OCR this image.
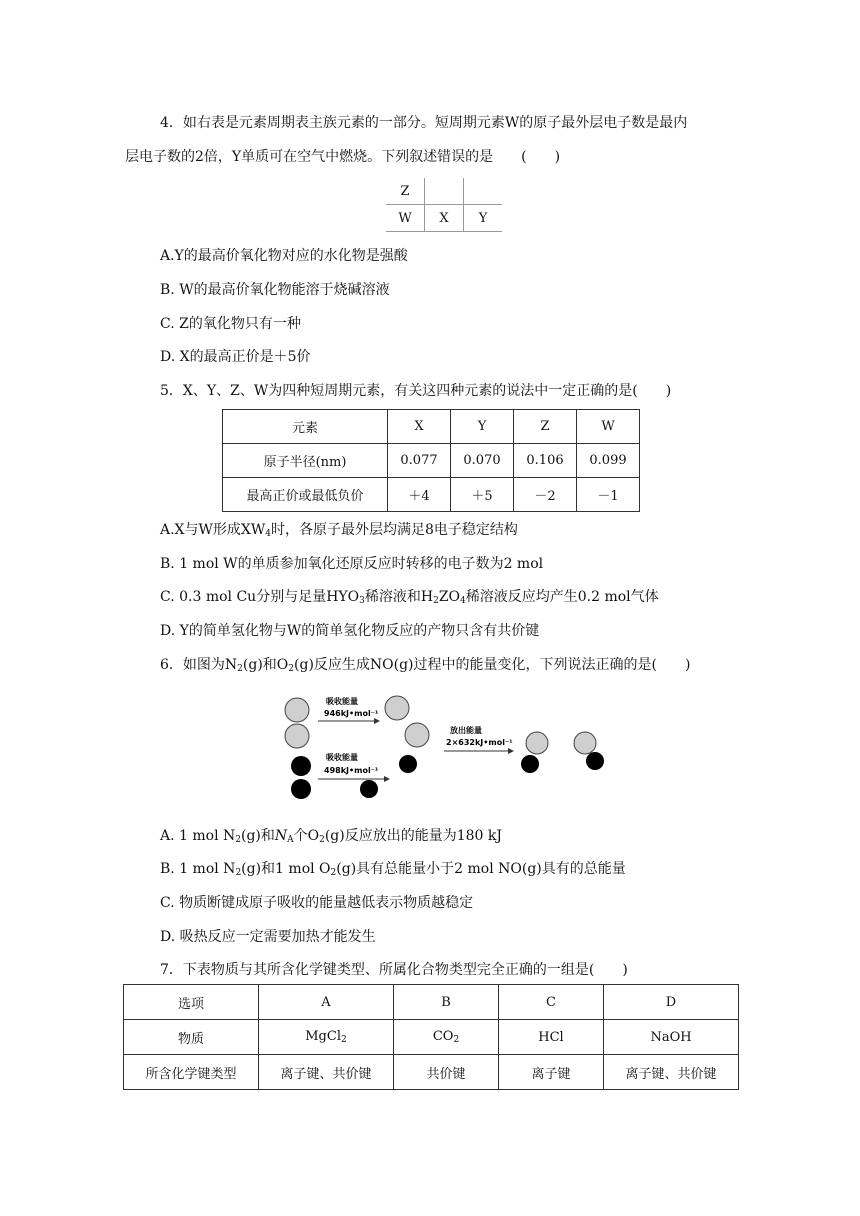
4．如右表是元素周期表主族元素的一部分。短周期元素W的原子最外层电子数是最内
层电子数的2倍，Y单质可在空气中燃烧。下列叙述错误的是　　(　　)
Z		
W	X	Y
A.Y的最高价氧化物对应的水化物是强酸
B. W的最高价氧化物能溶于烧碱溶液
C. Z的氧化物只有一种
D. X的最高正价是＋5价
5．X、Y、Z、W为四种短周期元素，有关这四种元素的说法中一定正确的是(　　)
元素	X	Y	Z	W
原子半径(nm)	0.077	0.070	0.106	0.099
最高正价或最低负价	＋4	＋5	－2	－1
A.X与W形成$XW_4$时，各原子最外层均满足8电子稳定结构
B. 1 mol W的单质参加氧化还原反应时转移的电子数为2 mol
C. 0.3 mol Cu分别与足量$HYO_3$稀溶液和$H_2ZO_4$稀溶液反应均产生0.2 mol气体
D. Y的简单氢化物与W的简单氢化物反应的产物只含有共价键
6．如图为$N_2(g)$和$O_2(g)$反应生成NO(g)过程中的能量变化，下列说法正确的是(　　)
吸收能量
946kJ•mol⁻¹
吸收能量
498kJ•mol⁻¹
放出能量
2×632kJ•mol⁻¹
A. 1 mol $N_2(g)$和$N_A$个$O_2(g)$反应放出的能量为180 kJ
B. 1 mol $N_2(g)$和1 mol $O_2(g)$具有总能量小于2 mol NO(g)具有的总能量
C. 物质断键成原子吸收的能量越低表示物质越稳定
D. 吸热反应一定需要加热才能发生
7．下表物质与其所含化学键类型、所属化合物类型完全正确的一组是(　　)
选项	A	B	C	D
物质	MgCl$_2$	$CO_2$	HCl	NaOH
所含化学键类型	离子键、共价键	共价键	离子键	离子键、共价键
